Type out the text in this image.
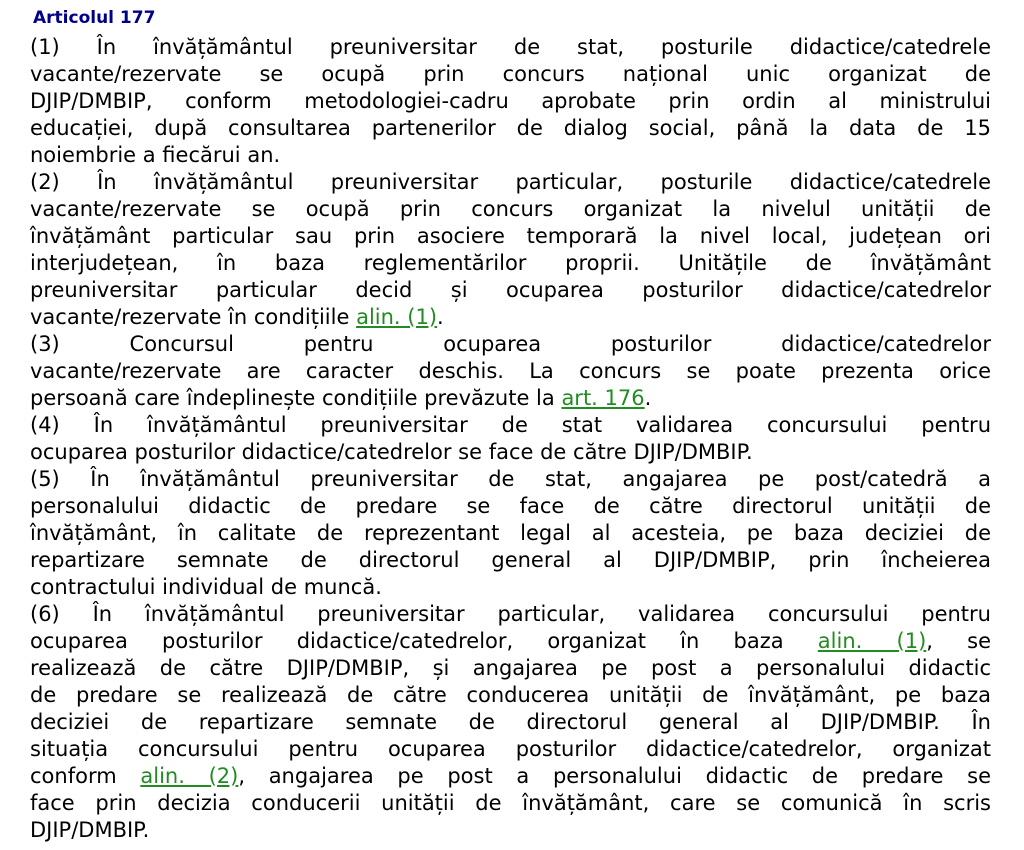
Articolul 177
(1) În învățământul preuniversitar de stat, posturile didactice/catedrele
vacante/rezervate se ocupă prin concurs național unic organizat de
DJIP/DMBIP, conform metodologiei-cadru aprobate prin ordin al ministrului
educației, după consultarea partenerilor de dialog social, până la data de 15
noiembrie a fiecărui an.
(2) În învățământul preuniversitar particular, posturile didactice/catedrele
vacante/rezervate se ocupă prin concurs organizat la nivelul unității de
învățământ particular sau prin asociere temporară la nivel local, județean ori
interjudețean, în baza reglementărilor proprii. Unitățile de învățământ
preuniversitar particular decid și ocuparea posturilor didactice/catedrelor
vacante/rezervate în condițiile alin. (1).
(3) Concursul pentru ocuparea posturilor didactice/catedrelor
vacante/rezervate are caracter deschis. La concurs se poate prezenta orice
persoană care îndeplinește condițiile prevăzute la art. 176.
(4) În învățământul preuniversitar de stat validarea concursului pentru
ocuparea posturilor didactice/catedrelor se face de către DJIP/DMBIP.
(5) În învățământul preuniversitar de stat, angajarea pe post/catedră a
personalului didactic de predare se face de către directorul unității de
învățământ, în calitate de reprezentant legal al acesteia, pe baza deciziei de
repartizare semnate de directorul general al DJIP/DMBIP, prin încheierea
contractului individual de muncă.
(6) În învățământul preuniversitar particular, validarea concursului pentru
ocuparea posturilor didactice/catedrelor, organizat în baza alin. (1), se
realizează de către DJIP/DMBIP, și angajarea pe post a personalului didactic
de predare se realizează de către conducerea unității de învățământ, pe baza
deciziei de repartizare semnate de directorul general al DJIP/DMBIP. În
situația concursului pentru ocuparea posturilor didactice/catedrelor, organizat
conform alin. (2), angajarea pe post a personalului didactic de predare se
face prin decizia conducerii unității de învățământ, care se comunică în scris
DJIP/DMBIP.
